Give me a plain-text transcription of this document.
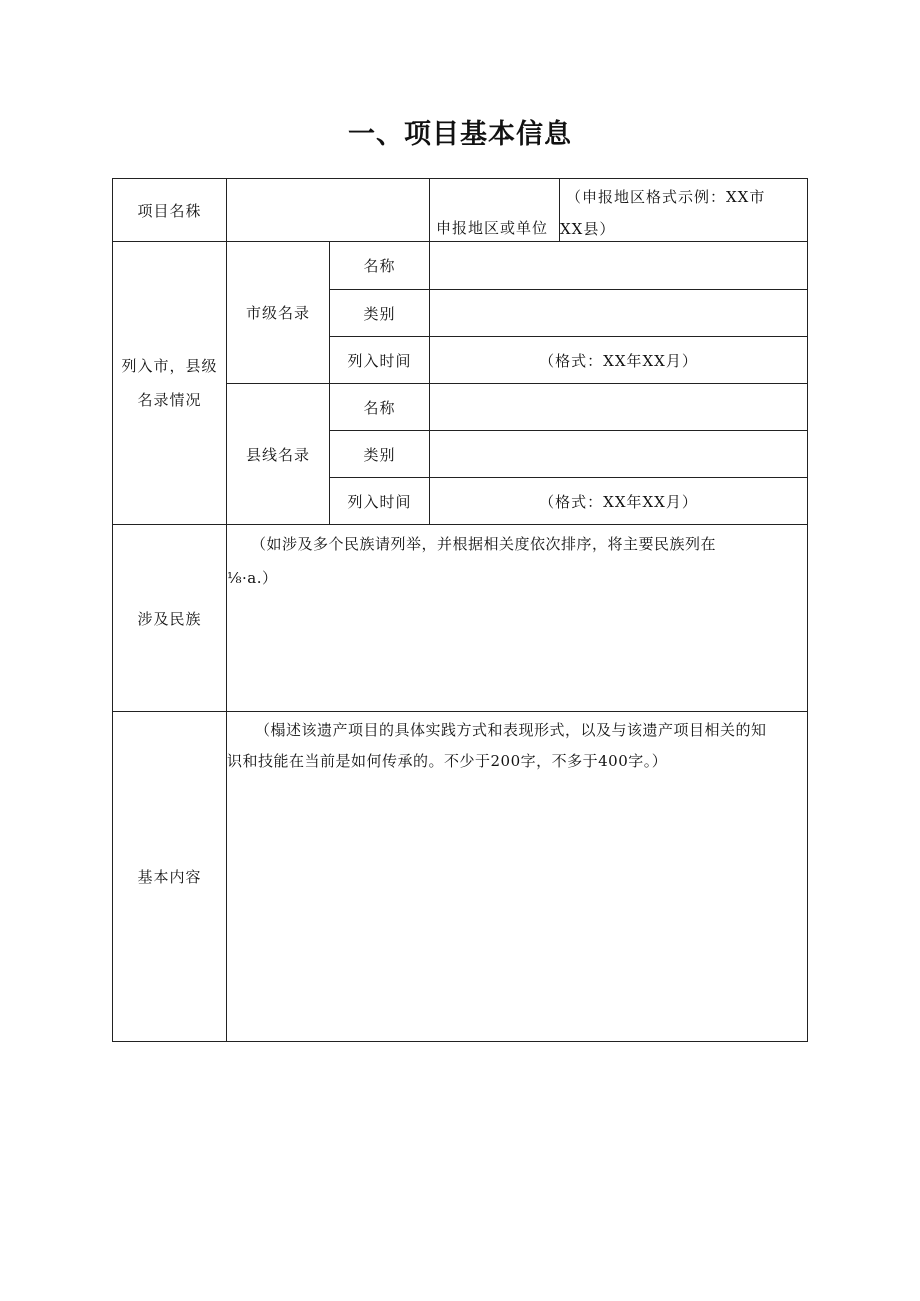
一、项目基本信息
项目名秼
申报地区或单位
（申报地区格式示例：XX市
XX县）
列入市，县级
名录情况
市级名录
名称
类别
列入时间	（格式：XX年XX月）
县线名录
名称
类别
列入时间	（格式：XX年XX月）
涉及民族
（如涉及多个民族请列举，并根据相关度依次排序，将主要民族列在
⅛·a.）
基本内容
（榻述该遗产项目的具体实践方式和表现形式，以及与该遗产项目相关的知
识和技能在当前是如何传承的。不少于200字，不多于400字。）
